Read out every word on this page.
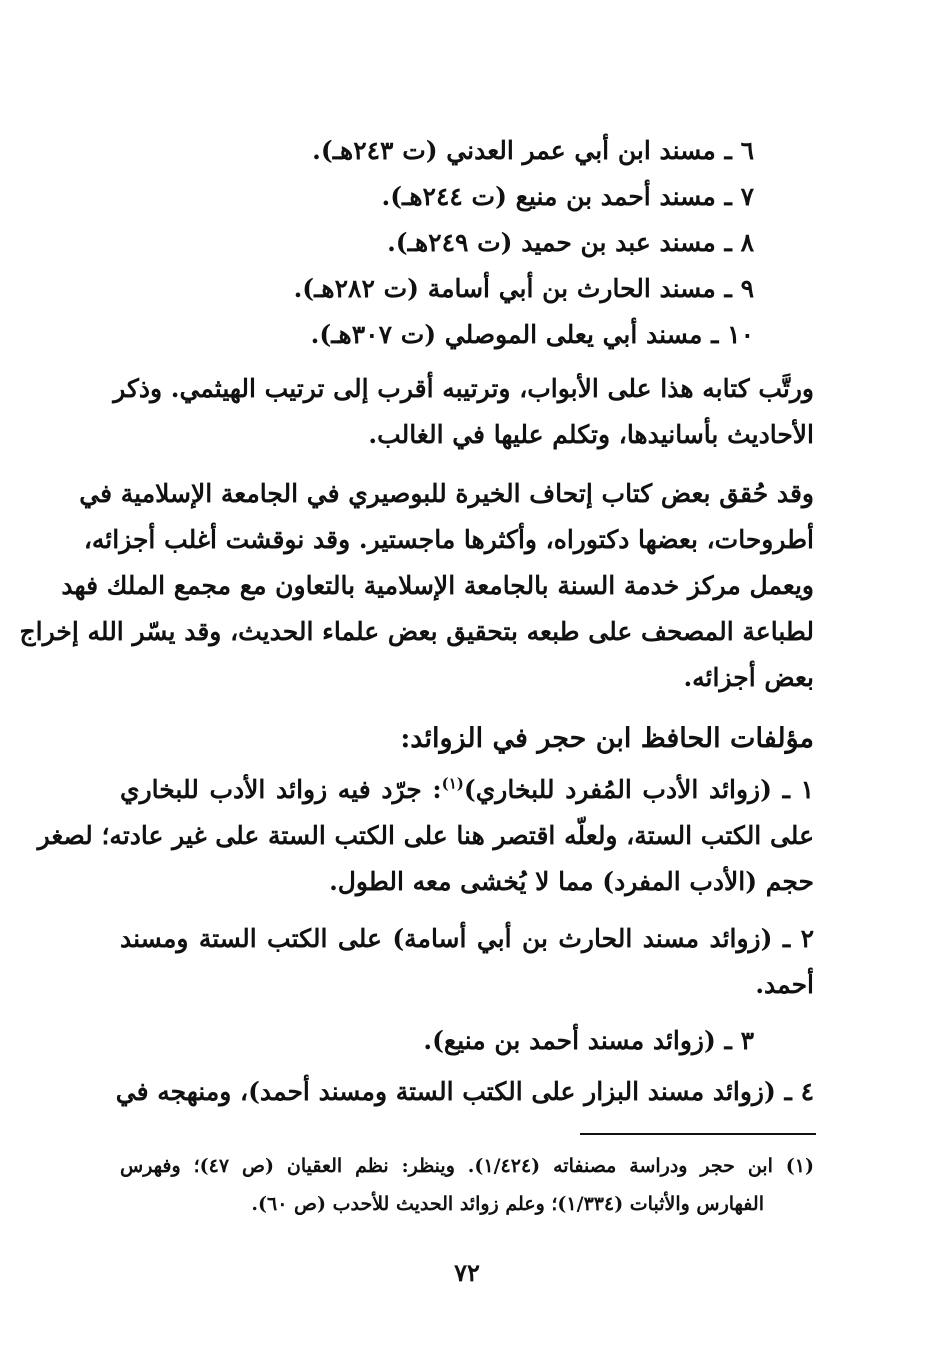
٦ ـ مسند ابن أبي عمر العدني (ت ٢٤٣هـ).
٧ ـ مسند أحمد بن منيع (ت ٢٤٤هـ).
٨ ـ مسند عبد بن حميد (ت ٢٤٩هـ).
٩ ـ مسند الحارث بن أبي أسامة (ت ٢٨٢هـ).
١٠ ـ مسند أبي يعلى الموصلي (ت ٣٠٧هـ).
ورتَّب كتابه هذا على الأبواب، وترتيبه أقرب إلى ترتيب الهيثمي. وذكر
الأحاديث بأسانيدها، وتكلم عليها في الغالب.
وقد حُقق بعض كتاب إتحاف الخيرة للبوصيري في الجامعة الإسلامية في
أطروحات، بعضها دكتوراه، وأكثرها ماجستير. وقد نوقشت أغلب أجزائه،
ويعمل مركز خدمة السنة بالجامعة الإسلامية بالتعاون مع مجمع الملك فهد
لطباعة المصحف على طبعه بتحقيق بعض علماء الحديث، وقد يسّر الله إخراج
بعض أجزائه.
مؤلفات الحافظ ابن حجر في الزوائد:
١ ـ (زوائد الأدب المُفرد للبخاري)$^{(١)}$: جرّد فيه زوائد الأدب للبخاري
على الكتب الستة، ولعلّه اقتصر هنا على الكتب الستة على غير عادته؛ لصغر
حجم (الأدب المفرد) مما لا يُخشى معه الطول.
٢ ـ (زوائد مسند الحارث بن أبي أسامة) على الكتب الستة ومسند
أحمد.
٣ ـ (زوائد مسند أحمد بن منيع).
٤ ـ (زوائد مسند البزار على الكتب الستة ومسند أحمد)، ومنهجه في
(١) ابن حجر ودراسة مصنفاته (١/٤٢٤). وينظر: نظم العقيان (ص ٤٧)؛ وفهرس
الفهارس والأثبات (١/٣٣٤)؛ وعلم زوائد الحديث للأحدب (ص ٦٠).
٧٢
